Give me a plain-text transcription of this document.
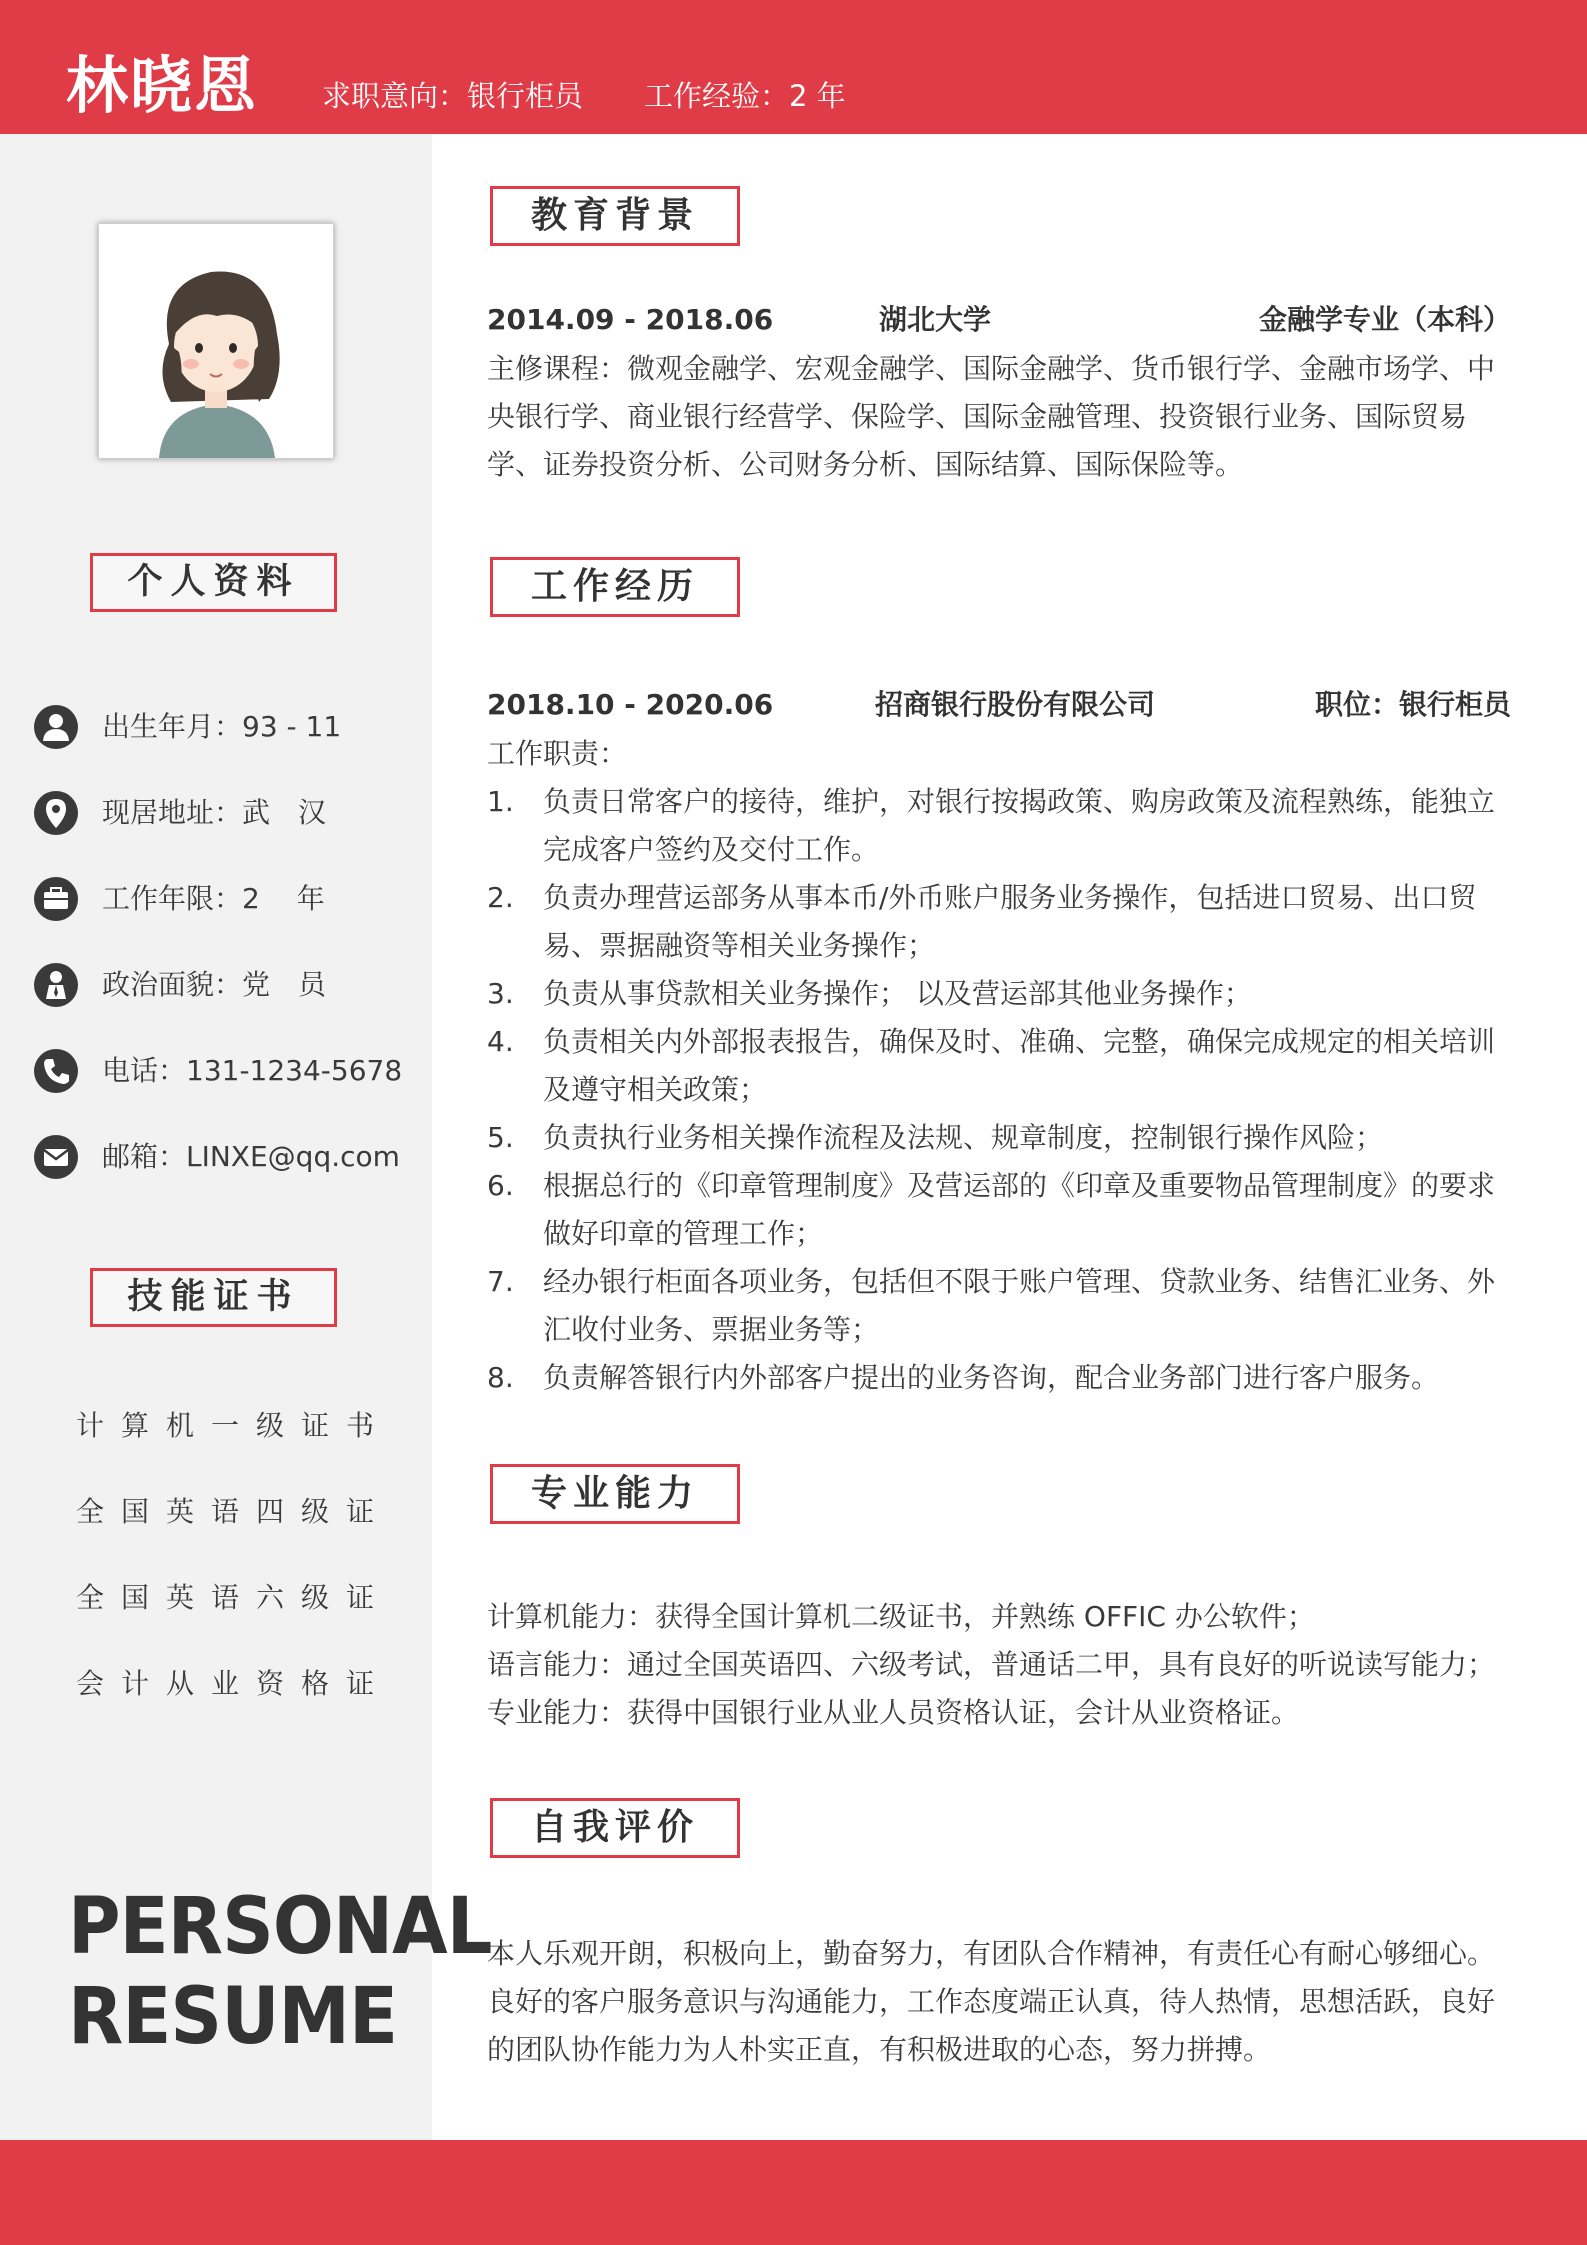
林晓恩 求职意向：银行柜员 工作经验：2 年
个人资料
出生年月：93 - 11
现居地址：武　汉
工作年限：2　 年
政治面貌：党　员
电话：131-1234-5678
邮箱：LINXE@qq.com
技能证书
计算机一级证书
全国英语四级证
全国英语六级证
会计从业资格证
PERSONAL
RESUME
教育背景
2014.09 - 2018.06	湖北大学	金融学专业（本科）
主修课程：微观金融学、宏观金融学、国际金融学、货币银行学、金融市场学、中央银行学、商业银行经营学、保险学、国际金融管理、投资银行业务、国际贸易学、证券投资分析、公司财务分析、国际结算、国际保险等。
工作经历
2018.10 - 2020.06	招商银行股份有限公司	职位：银行柜员
工作职责：
1. 负责日常客户的接待，维护，对银行按揭政策、购房政策及流程熟练，能独立完成客户签约及交付工作。
2. 负责办理营运部务从事本币/外币账户服务业务操作，包括进口贸易、出口贸易、票据融资等相关业务操作；
3. 负责从事贷款相关业务操作； 以及营运部其他业务操作；
4. 负责相关内外部报表报告，确保及时、准确、完整，确保完成规定的相关培训及遵守相关政策；
5. 负责执行业务相关操作流程及法规、规章制度，控制银行操作风险；
6. 根据总行的《印章管理制度》及营运部的《印章及重要物品管理制度》的要求做好印章的管理工作；
7. 经办银行柜面各项业务，包括但不限于账户管理、贷款业务、结售汇业务、外汇收付业务、票据业务等；
8. 负责解答银行内外部客户提出的业务咨询，配合业务部门进行客户服务。
专业能力
计算机能力：获得全国计算机二级证书，并熟练 OFFIC 办公软件；
语言能力：通过全国英语四、六级考试，普通话二甲，具有良好的听说读写能力；
专业能力：获得中国银行业从业人员资格认证，会计从业资格证。
自我评价
本人乐观开朗，积极向上，勤奋努力，有团队合作精神，有责任心有耐心够细心。良好的客户服务意识与沟通能力，工作态度端正认真，待人热情，思想活跃，良好的团队协作能力为人朴实正直，有积极进取的心态，努力拼搏。
